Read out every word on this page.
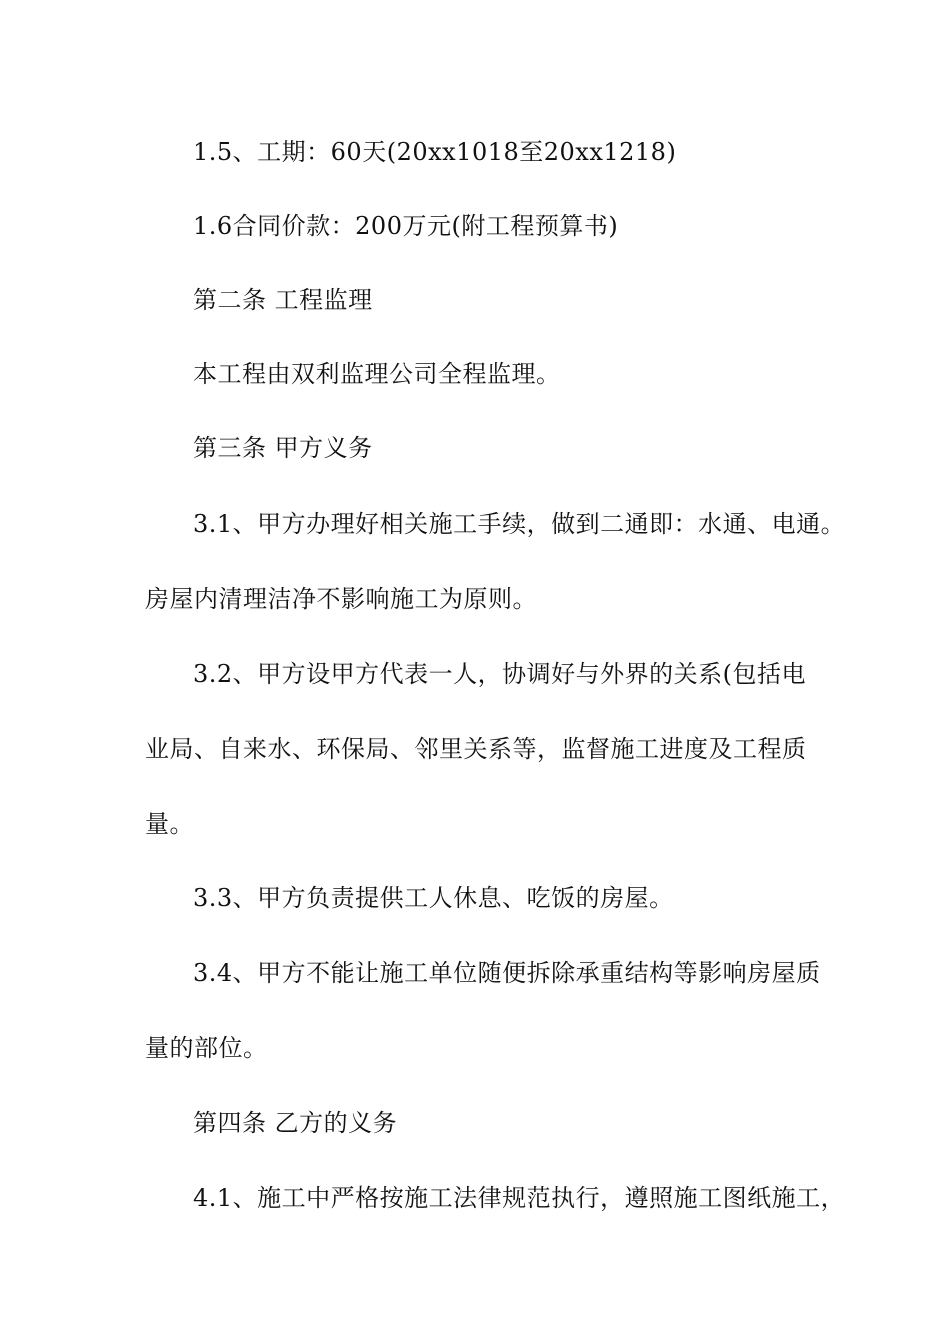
1.5、工期：60天(20xx1018至20xx1218)
1.6合同价款：200万元(附工程预算书)
第二条 工程监理
本工程由双利监理公司全程监理。
第三条 甲方义务
3.1、甲方办理好相关施工手续，做到二通即：水通、电通。
房屋内清理洁净不影响施工为原则。
3.2、甲方设甲方代表一人，协调好与外界的关系(包括电
业局、自来水、环保局、邻里关系等，监督施工进度及工程质
量。
3.3、甲方负责提供工人休息、吃饭的房屋。
3.4、甲方不能让施工单位随便拆除承重结构等影响房屋质
量的部位。
第四条 乙方的义务
4.1、施工中严格按施工法律规范执行，遵照施工图纸施工，
